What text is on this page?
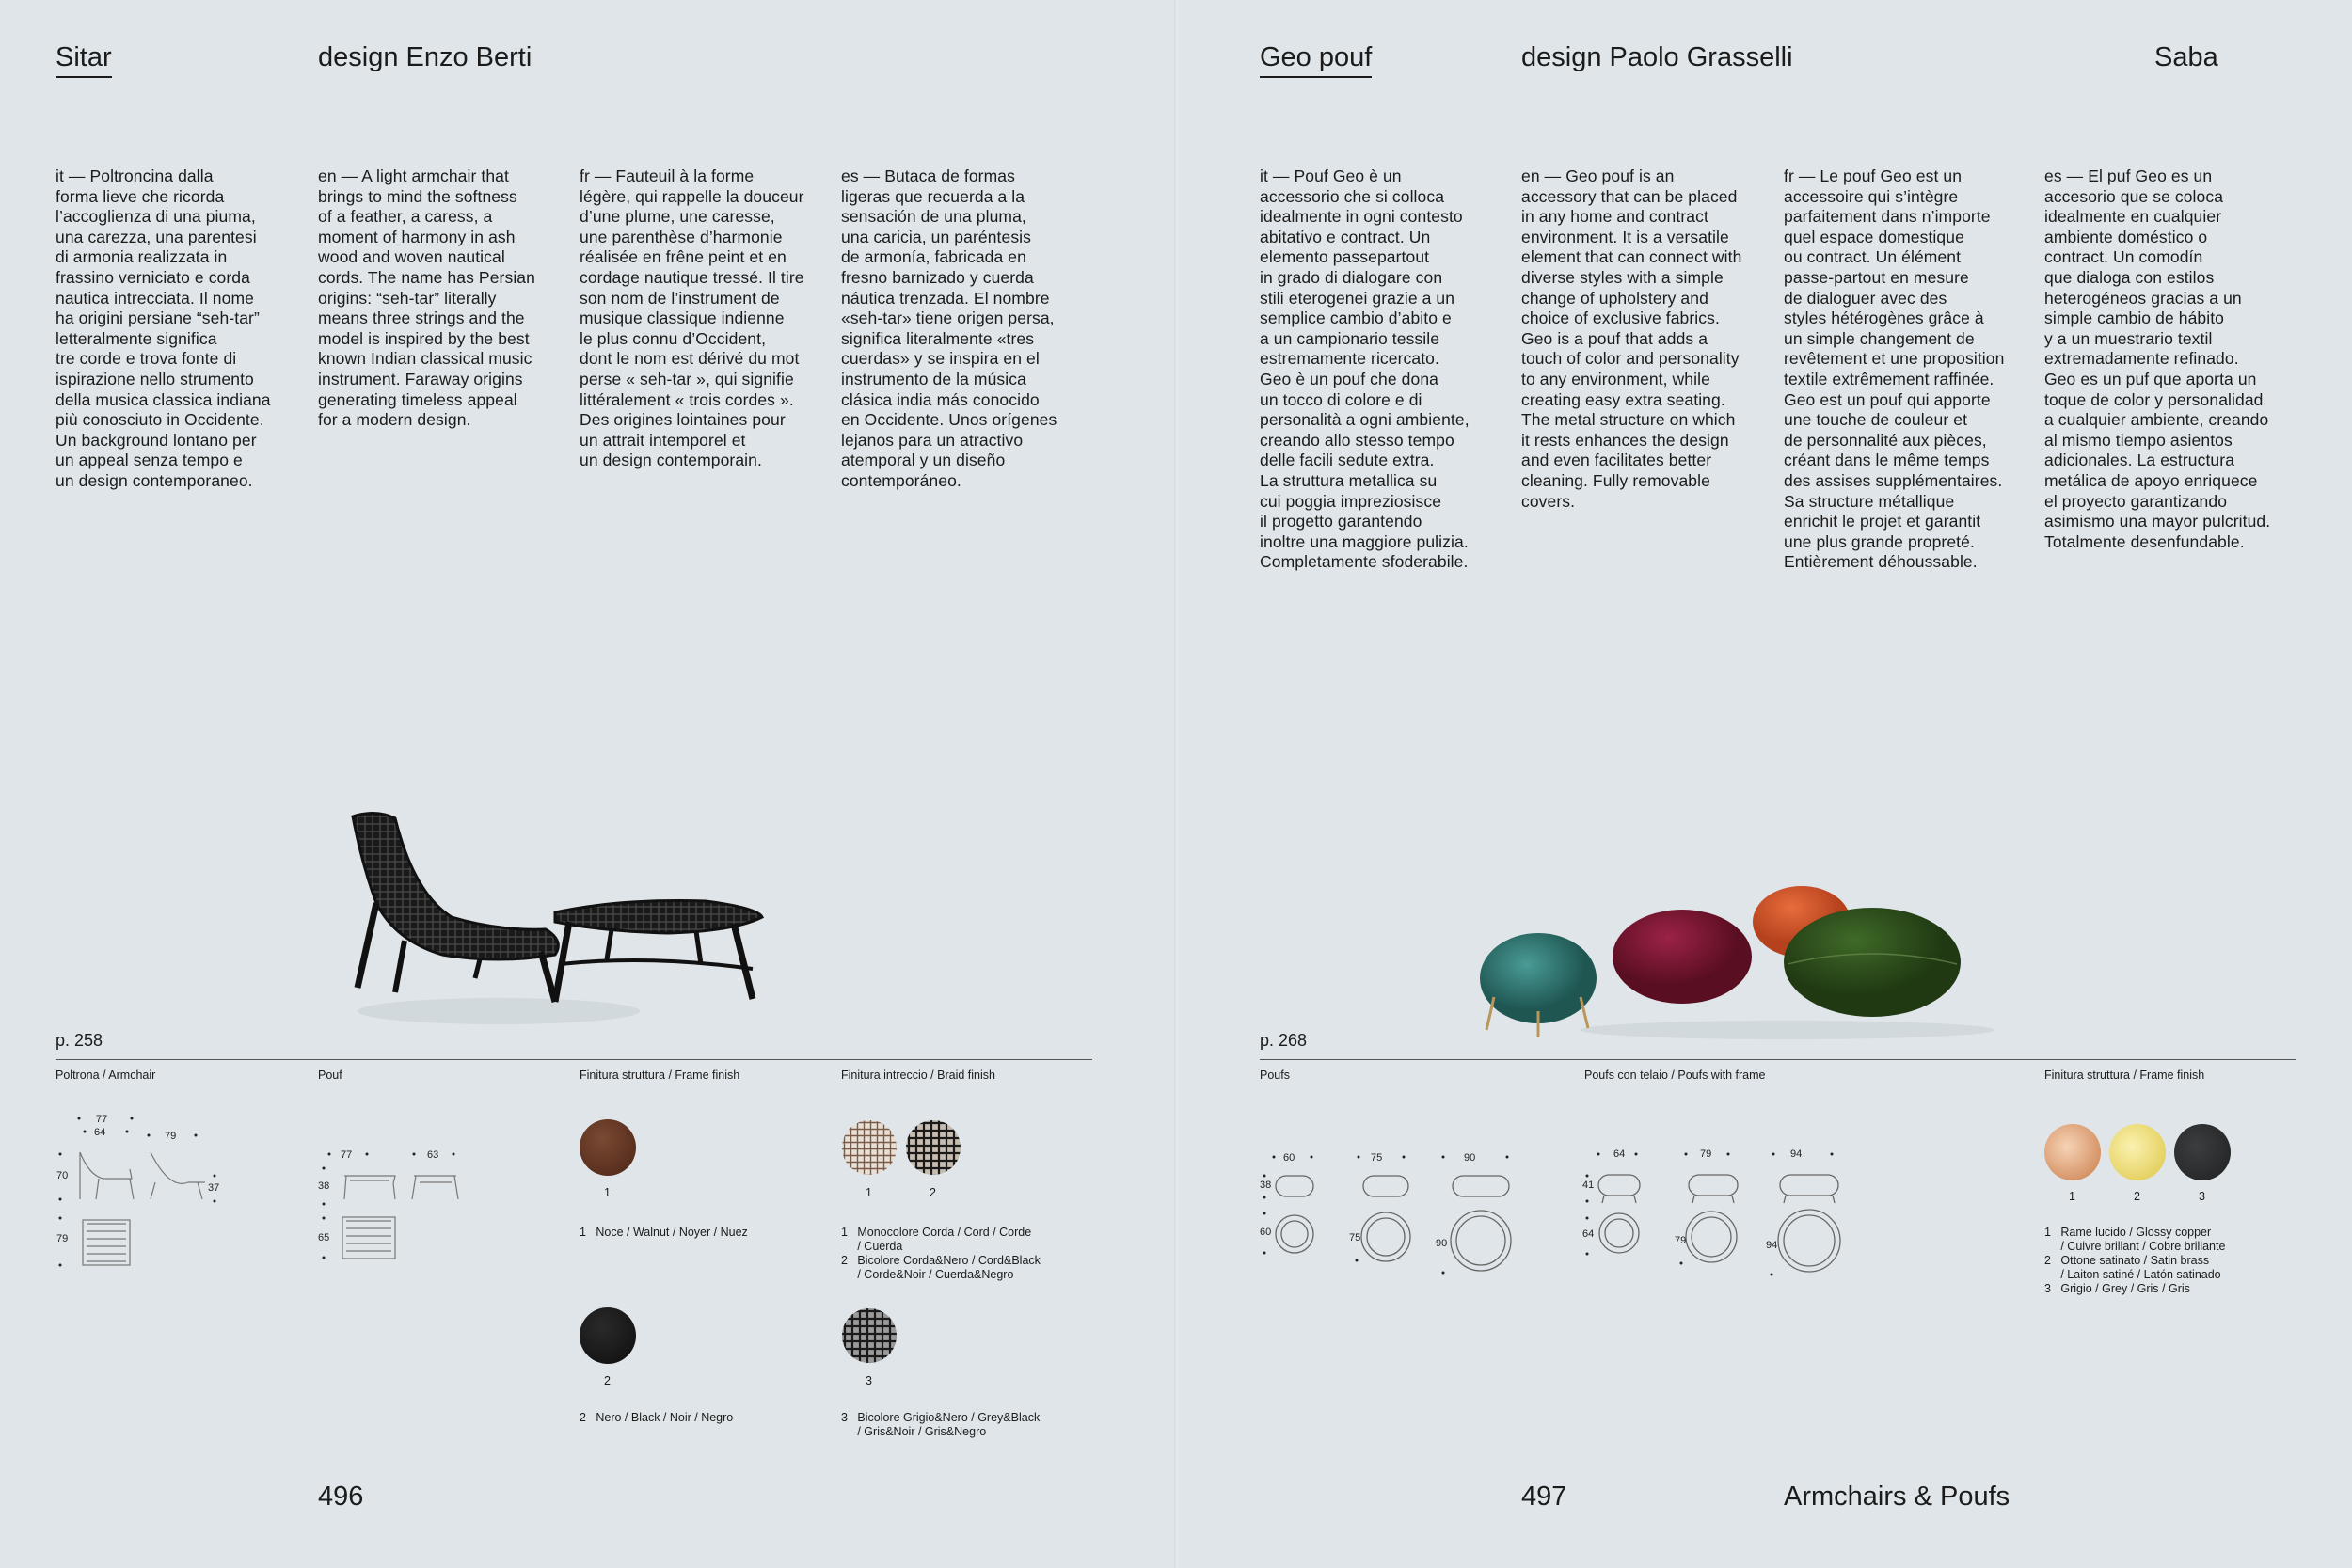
Sitar	design Enzo Berti
it — Poltroncina dalla
forma lieve che ricorda
l’accoglienza di una piuma,
una carezza, una parentesi
di armonia realizzata in
frassino verniciato e corda
nautica intrecciata. Il nome
ha origini persiane “seh-tar”
letteralmente significa
tre corde e trova fonte di
ispirazione nello strumento
della musica classica indiana
più conosciuto in Occidente.
Un background lontano per
un appeal senza tempo e
un design contemporaneo.
en — A light armchair that
brings to mind the softness
of a feather, a caress, a
moment of harmony in ash
wood and woven nautical
cords. The name has Persian
origins: “seh-tar” literally
means three strings and the
model is inspired by the best
known Indian classical music
instrument. Faraway origins
generating timeless appeal
for a modern design.
fr — Fauteuil à la forme
légère, qui rappelle la douceur
d’une plume, une caresse,
une parenthèse d’harmonie
réalisée en frêne peint et en
cordage nautique tressé. Il tire
son nom de l’instrument de
musique classique indienne
le plus connu d’Occident,
dont le nom est dérivé du mot
perse « seh-tar », qui signifie
littéralement « trois cordes ».
Des origines lointaines pour
un attrait intemporel et
un design contemporain.
es — Butaca de formas
ligeras que recuerda a la
sensación de una pluma,
una caricia, un paréntesis
de armonía, fabricada en
fresno barnizado y cuerda
náutica trenzada. El nombre
«seh-tar» tiene origen persa,
significa literalmente «tres
cuerdas» y se inspira en el
instrumento de la música
clásica india más conocido
en Occidente. Unos orígenes
lejanos para un atractivo
atemporal y un diseño
contemporáneo.
p. 258
Poltrona / Armchair	Pouf	Finitura struttura / Frame finish	Finitura intreccio / Braid finish
77
64	79
70
37
79
77	63
38
65
1
1   Noce / Walnut / Noyer / Nuez
2
2   Nero / Black / Noir / Negro
1	2
1   Monocolore Corda / Cord / Corde
/ Cuerda
2   Bicolore Corda&Nero / Cord&Black
/ Corde&Noir / Cuerda&Negro
3
3   Bicolore Grigio&Nero / Grey&Black
/ Gris&Noir / Gris&Negro
496
Geo pouf	design Paolo Grasselli	Saba
it — Pouf Geo è un
accessorio che si colloca
idealmente in ogni contesto
abitativo e contract. Un
elemento passepartout
in grado di dialogare con
stili eterogenei grazie a un
semplice cambio d’abito e
a un campionario tessile
estremamente ricercato.
Geo è un pouf che dona
un tocco di colore e di
personalità a ogni ambiente,
creando allo stesso tempo
delle facili sedute extra.
La struttura metallica su
cui poggia impreziosisce
il progetto garantendo
inoltre una maggiore pulizia.
Completamente sfoderabile.
en — Geo pouf is an
accessory that can be placed
in any home and contract
environment. It is a versatile
element that can connect with
diverse styles with a simple
change of upholstery and
choice of exclusive fabrics.
Geo is a pouf that adds a
touch of color and personality
to any environment, while
creating easy extra seating.
The metal structure on which
it rests enhances the design
and even facilitates better
cleaning. Fully removable
covers.
fr — Le pouf Geo est un
accessoire qui s’intègre
parfaitement dans n’importe
quel espace domestique
ou contract. Un élément
passe-partout en mesure
de dialoguer avec des
styles hétérogènes grâce à
un simple changement de
revêtement et une proposition
textile extrêmement raffinée.
Geo est un pouf qui apporte
une touche de couleur et
de personnalité aux pièces,
créant dans le même temps
des assises supplémentaires.
Sa structure métallique
enrichit le projet et garantit
une plus grande propreté.
Entièrement déhoussable.
es — El puf Geo es un
accesorio que se coloca
idealmente en cualquier
ambiente doméstico o
contract. Un comodín
que dialoga con estilos
heterogéneos gracias a un
simple cambio de hábito
y a un muestrario textil
extremadamente refinado.
Geo es un puf que aporta un
toque de color y personalidad
a cualquier ambiente, creando
al mismo tiempo asientos
adicionales. La estructura
metálica de apoyo enriquece
el proyecto garantizando
asimismo una mayor pulcritud.
Totalmente desenfundable.
p. 268
Poufs	Poufs con telaio / Poufs with frame	Finitura struttura / Frame finish
60
38
60
75
75
90
90
64
41
64
79
79
94
94
1	2	3
1   Rame lucido / Glossy copper
/ Cuivre brillant / Cobre brillante
2   Ottone satinato / Satin brass
/ Laiton satiné / Latón satinado
3   Grigio / Grey / Gris / Gris
497	Armchairs & Poufs
